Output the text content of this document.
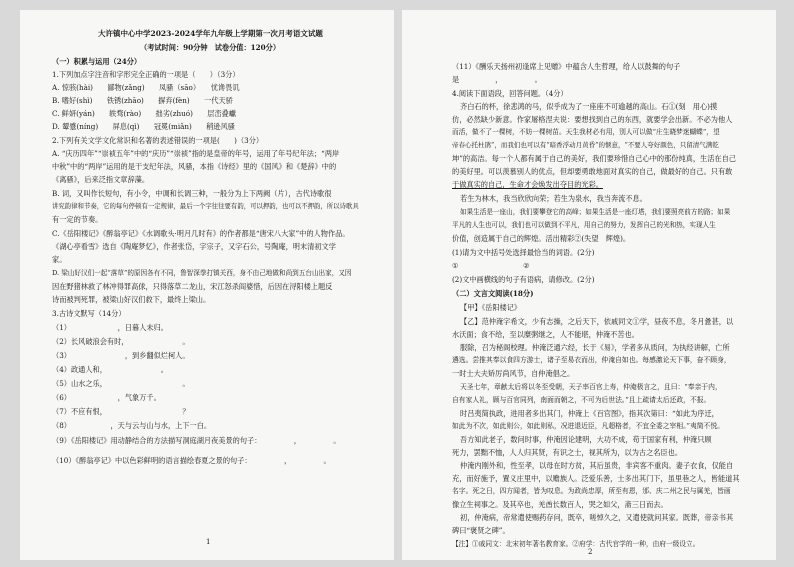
大许镇中心中学2023-2024学年九年级上学期第一次月考语文试题
（考试时间：90分钟　试卷分值：120分）
（一）积累与运用（24分）
1.下列加点字注音和字形完全正确的一项是（　　）（3分）
A. 惊骇(hài)　　鄙物(zǎng)　　凤骚（sāo）　　忧谗畏讥
B. 嗜好(shì)　　铁锈(zhāo)　　摒弃(fèn)　　一代天骄
C. 鲜妍(yán)　　轶骛(rào)　　拙劣(zhuó)　　层峦叠巘
D. 颦蹙(níng)　　屏息(qì)　　冠冕(miǎn)　　稍逊风骚
2.下列有关文学文化常识和名著的表述错误的一项是(　　)（3分）
A. “庆历四年”“崇祯五年”中的“庆历”“崇祯”指的是皇帝的年号，运用了年号纪年法；“两岸
中秋”中的“两岸”运用的是干支纪年法，风骚，本指《诗经》里的《国风》和《楚辞》中的
《离骚》，后来泛指文章辞藻。
B. 词，又叫作长短句，有小令，中调和长调三种，一般分为上下两阙（片），古代诗歌很
讲究韵律和节奏，它的每句停顿有一定规律，最后一个字往往要有韵，可以押韵，也可以不押韵，所以诗歌具
有一定的节奏。
C.《岳阳楼记》《醉翁亭记》《水调歌头·明月几时有》的作者都是“唐宋八大家”中的人物作品。
《湖心亭看雪》选自《陶庵梦忆》，作者张岱，字宗子，又字石公，号陶庵，明末清初文学
家。
D. 梁山好汉们一起“落草”的原因各有不同，鲁智深拳打镇关西，身不由己地做和尚到五台山出家，又因
因在野猪林救了林冲得罪高俅，只得落草二龙山，宋江怒杀阎婆惜，后因在浔阳楼上题反
诗而被判死罪，被梁山好汉们救下，最终上梁山。
3.古诗文默写（14分）
（1）　　　　　　　，日暮人未归。
（2）长风破浪会有时，　　　　　　　　。
（3）　　　　　　　　，到乡翻似烂柯人。
（4）政通人和，　　　　　　　　。
（5）山水之乐，　　　　　　　　　　　。
（6）　　　　　　　，气象万千。
（7）不应有恨，　　　　　　　　　　　？
（8）　　　　　　，天与云与山与水，上下一白。
（9）《岳阳楼记》用动静结合的方法描写洞庭湖月夜美景的句子：　　　　　，　　　　　。
（10）《醉翁亭记》中以色彩鲜明的语言描绘春夏之景的句子：　　　　　，　　　　　。
1
（11）《酬乐天扬州初逢席上见赠》中蕴含人生哲理，给人以鼓舞的句子
是　　　　　，　　　　　。
4.阅读下面语段，回答问题。（4分）
齐白石的杯，徐悲鸿的马，似乎成为了一座座不可逾越的高山。石①(刻　用心)摸
仿，必然缺少新意。作家屠格涅夫说：要想找到自己的东西，就要学会出新。不必为他人
而活，做不了一棵树，不妨一棵树苗。天生我材必有用，别人可以做“庄生晓梦迷蝴蝶”，望
帝春心托杜鹃”，而我们也可以有“暗香浮动月黄昏”的惬意，“不要人夸好颜色，只留清气满乾
坤”的高洁。每一个人都有属于自己的美好，我们要珍惜自己心中的那份纯真，生活在自己
的美好里。可以羡慕别人的优点，但却要勇敢地面对真实的自己，做最好的自己。只有敢
于做真实的自己，生命才会焕发出夺目的光彩。
若生为林木，我当欣欣向荣；若生为泉水，我当奔流不息。
如果生活是一座山，我们要攀登它的高峰；如果生活是一座灯塔，我们要照亮前方的路；如果
平凡的人生也可以，我们也可以做到不平凡，用自己的努力，发挥自己的光和热，实现人生
价值，创造属于自己的辉煌。活出精彩②(失望　辉煌)。
(1)请为文中括号处选择最恰当的词语。(2分)
①　　　　　　　　　②　　　　　　　
(2)文中画横线的句子有语病，请修改。(2分)　　　　　　　　　　　　　　　
（二）文言文阅读(18分)
【甲】《岳阳楼记》
【乙】范仲淹字希文，少有志操，之后天下，依戚同文①学，昼夜不息，冬月惫甚，以
水沃面；食不给，至以糜粥继之，人不能堪，仲淹不苦也。
服除，召为秘阁校理。仲淹泛通六经，长于《易》，学者多从质问，为执经讲解，亡所
遴选。尝推其奉以食四方游士，诸子至易衣而出，仲淹自如也。每感激论天下事，奋不顾身，
一时士大夫矫厉尚风节，自仲淹倡之。
天圣七年，章献太后将以冬至受朝，天子率百官上寿，仲淹极言之，且曰：“奉亲于内，
自有家人礼，顾与百官同列，南面而朝之，不可为后世法。”且上疏请太后还政，不报。
时吕夷简执政，进用者多出其门，仲淹上《百官图》，指其次第曰：“如此为序迁，
如此为不次，如此则公，如此则私，况进退近臣，凡超格者，不宜全委之宰相。”夷简不悦。
吾方知此老子，数问时事，仲淹因论建明，大功不成，苟于国家有利，仲淹只顾
死力，罢黜不恤，人人归其贤，有识之士，视其所为，以为古之名臣也。
仲淹内刚外和，性至孝，以母在时方贫，其后虽贵，非宾客不重肉。妻子衣食，仅能自
充，而好施予，置义庄里中，以赡族人。泛爱乐善，士多出其门下，虽里巷之人，皆能道其
名字。死之日，四方闻者，皆为叹息。为政尚忠厚，所至有恩，邠、庆二州之民与属羌，皆画
像立生祠事之。及其卒也，羌酋长数百人，哭之如父，斋三日而去。
初，仲淹病，帝常遣使赐药存问，既卒，嗟悼久之，又遣使就问其家。既葬，帝亲书其
碑曰“褒贤之碑”。
【注】①戚同文：北宋初年著名教育家。②府学：古代官学的一种，由府一级设立。
2
